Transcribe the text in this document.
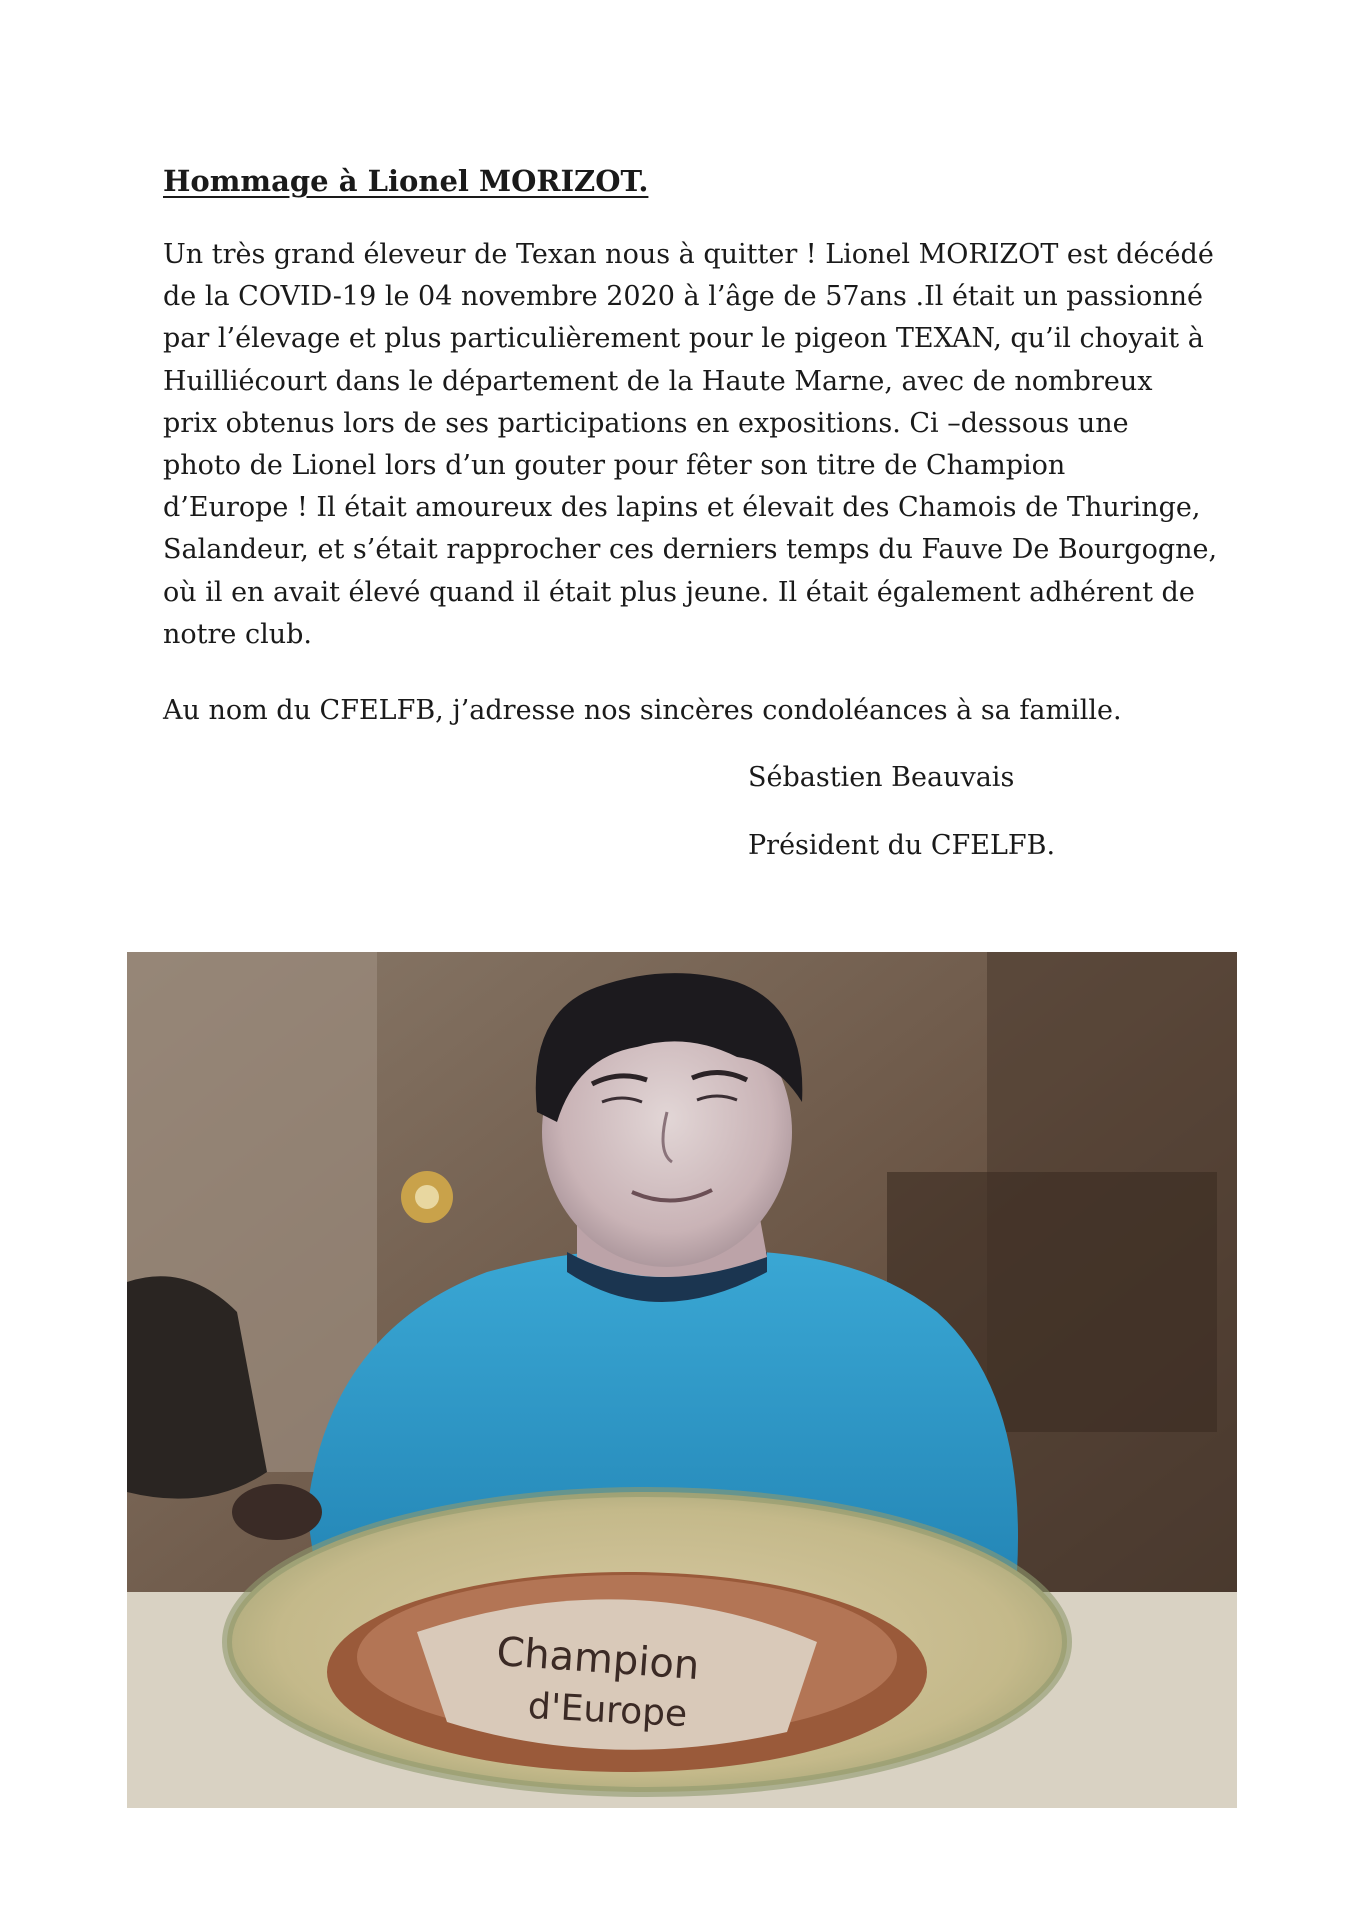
Hommage à Lionel MORIZOT.

Un très grand éleveur de Texan nous à quitter ! Lionel MORIZOT est décédé
de la COVID-19 le 04 novembre 2020 à l’âge de 57ans .Il était un passionné
par l’élevage et plus particulièrement pour le pigeon TEXAN, qu’il choyait à
Huilliécourt dans le département de la Haute Marne, avec de nombreux
prix obtenus lors de ses participations en expositions. Ci –dessous une
photo de Lionel lors d’un gouter pour fêter son titre de Champion
d’Europe ! Il était amoureux des lapins et élevait des Chamois de Thuringe,
Salandeur, et s’était rapprocher ces derniers temps du Fauve De Bourgogne,
où il en avait élevé quand il était plus jeune. Il était également adhérent de
notre club.

Au nom du CFELFB, j’adresse nos sincères condoléances à sa famille.

Sébastien Beauvais

Président du CFELFB.

Champion
d'Europe
